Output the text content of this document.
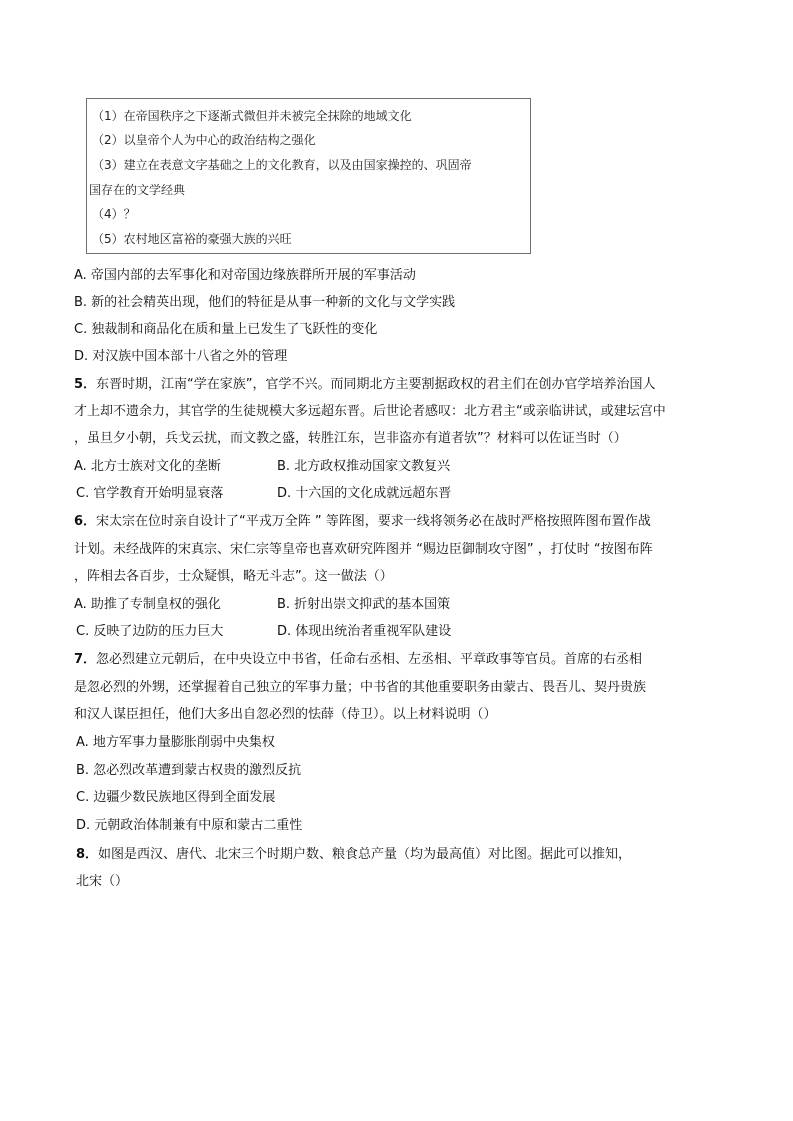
（1）在帝国秩序之下逐渐式微但并未被完全抹除的地域文化
（2）以皇帝个人为中心的政治结构之强化
（3）建立在表意文字基础之上的文化教育，以及由国家操控的、巩固帝
国存在的文学经典
（4）？
（5）农村地区富裕的豪强大族的兴旺
A. 帝国内部的去军事化和对帝国边缘族群所开展的军事活动
B. 新的社会精英出现，他们的特征是从事一种新的文化与文学实践
C. 独裁制和商品化在质和量上已发生了飞跃性的变化
D. 对汉族中国本部十八省之外的管理
5．东晋时期，江南“学在家族”，官学不兴。而同期北方主要割据政权的君主们在创办官学培养治国人
才上却不遗余力，其官学的生徒规模大多远超东晋。后世论者感叹：北方君主“或亲临讲试，或建坛宫中
，虽旦夕小朝，兵戈云扰，而文教之盛，转胜江东，岂非盗亦有道者欤”？材料可以佐证当时（）
A. 北方士族对文化的垄断	B. 北方政权推动国家文教复兴
C. 官学教育开始明显衰落	D. 十六国的文化成就远超东晋
6．宋太宗在位时亲自设计了“平戎万全阵 ” 等阵图，要求一线将领务必在战时严格按照阵图布置作战
计划。未经战阵的宋真宗、宋仁宗等皇帝也喜欢研究阵图并 “赐边臣御制攻守图” ，打仗时 “按图布阵
，阵相去各百步，士众疑惧，略无斗志”。这一做法（）
A. 助推了专制皇权的强化	B. 折射出崇文抑武的基本国策
C. 反映了边防的压力巨大	D. 体现出统治者重视军队建设
7．忽必烈建立元朝后，在中央设立中书省，任命右丞相、左丞相、平章政事等官员。首席的右丞相
是忽必烈的外甥，还掌握着自己独立的军事力量；中书省的其他重要职务由蒙古、畏吾儿、契丹贵族
和汉人谋臣担任，他们大多出自忽必烈的怯薛（侍卫）。以上材料说明（）
A. 地方军事力量膨胀削弱中央集权
B. 忽必烈改革遭到蒙古权贵的激烈反抗
C. 边疆少数民族地区得到全面发展
D. 元朝政治体制兼有中原和蒙古二重性
8．如图是西汉、唐代、北宋三个时期户数、粮食总产量（均为最高值）对比图。据此可以推知，
北宋（）
